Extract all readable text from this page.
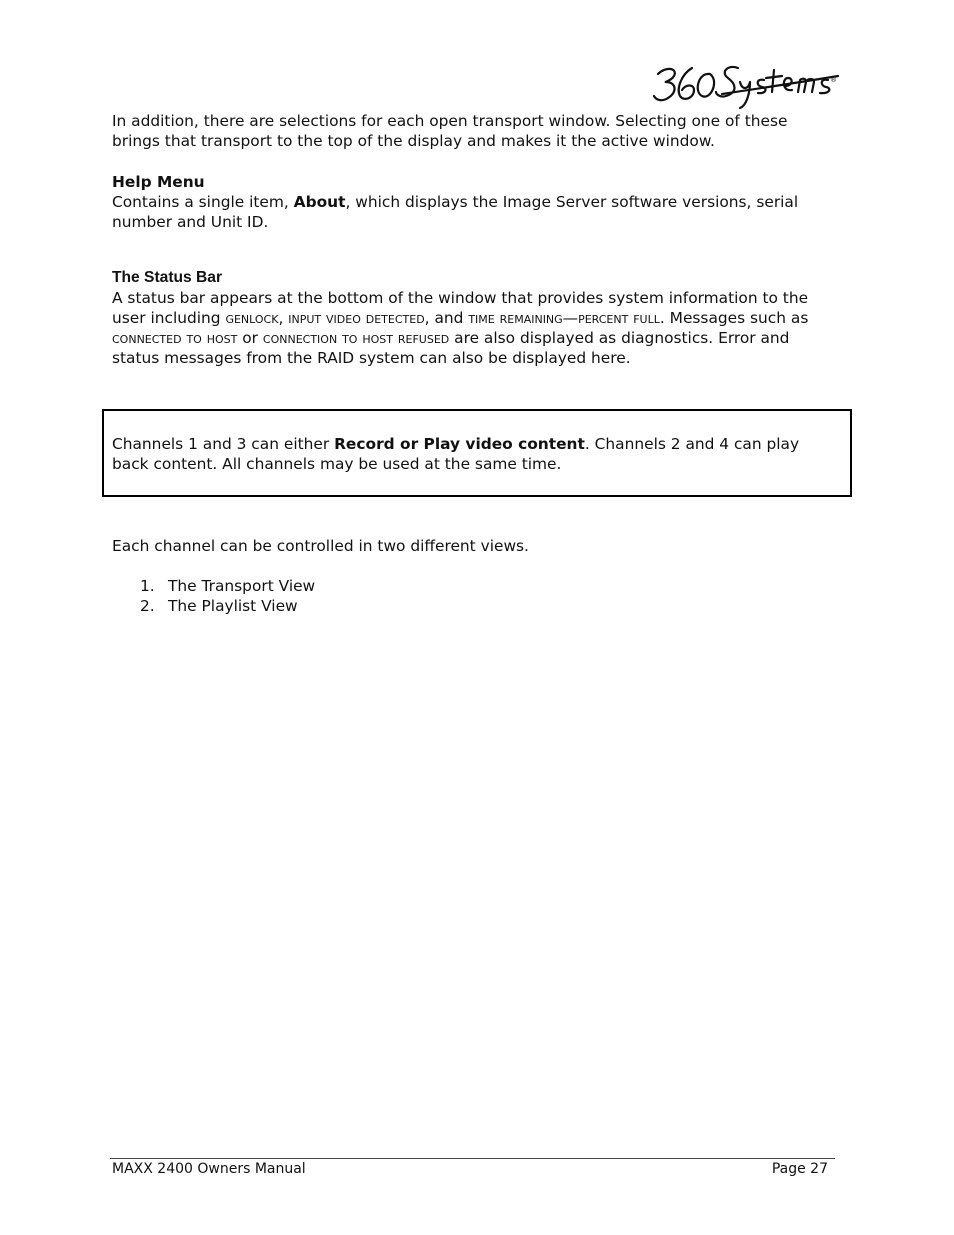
®

In addition, there are selections for each open transport window. Selecting one of these brings that transport to the top of the display and makes it the active window.

Help Menu

Contains a single item, About, which displays the Image Server software versions, serial number and Unit ID.

The Status Bar

A status bar appears at the bottom of the window that provides system information to the user including genlock, input video detected, and time remaining—percent full. Messages such as connected to host or connection to host refused are also displayed as diagnostics. Error and status messages from the RAID system can also be displayed here.

Channels 1 and 3 can either Record or Play video content. Channels 2 and 4 can play back content. All channels may be used at the same time.

Each channel can be controlled in two different views.

1. The Transport View
2. The Playlist View
MAXX 2400 Owners Manual	Page 27
